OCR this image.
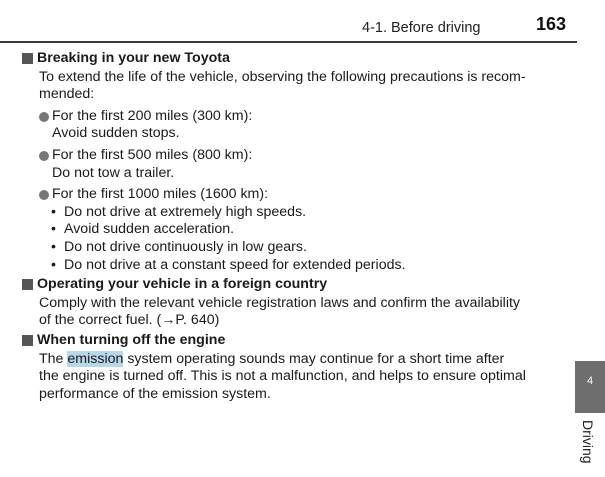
4-1. Before driving	163
Breaking in your new Toyota
To extend the life of the vehicle, observing the following precautions is recom-
mended:
For the first 200 miles (300 km):
Avoid sudden stops.
For the first 500 miles (800 km):
Do not tow a trailer.
For the first 1000 miles (1600 km):
• Do not drive at extremely high speeds.
• Avoid sudden acceleration.
• Do not drive continuously in low gears.
• Do not drive at a constant speed for extended periods.
Operating your vehicle in a foreign country
Comply with the relevant vehicle registration laws and confirm the availability
of the correct fuel. (→P. 640)
When turning off the engine
The emission system operating sounds may continue for a short time after
the engine is turned off. This is not a malfunction, and helps to ensure optimal
performance of the emission system.
4
Driving
